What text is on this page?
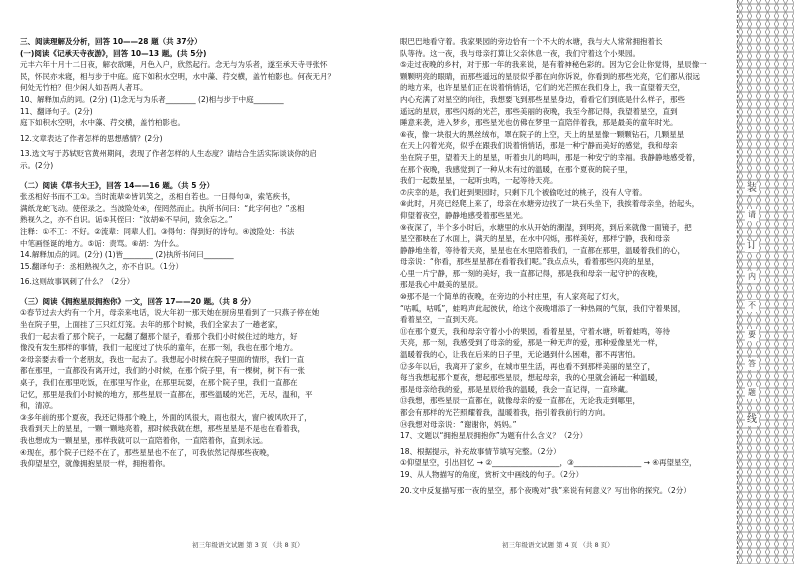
装
请
订
内
不
要
答
题
线
三、阅读理解及分析，回答 10——28 题（共 37分）
(一)阅读《记承天寺夜游》，回答 10—13 题。(共 5分)
元丰六年十月十二日夜，解衣欲睡，月色入户，欣然起行。念无与为乐者，遂至承天寺寻张怀
民，怀民亦未寝，相与步于中庭。庭下如积水空明，水中藻、荇交横，盖竹柏影也。何夜无月？
何处无竹柏？但少闲人如吾两人者耳。
10、解释加点的词。(2分) (1)念无与为乐者________ (2)相与步于中庭________
11、翻译句子。(2分)
庭下如积水空明，水中藻、荇交横，盖竹柏影也。
12.文章表达了作者怎样的思想感情？(2分)
13.选文写于苏轼贬官黄州期间，表现了作者怎样的人生态度？请结合生活实际谈谈你的启
示。(2分)
（二）阅读《草书大王》，回答 14——16 题。（共 5 分）
张丞相好书而不工①。当时流辈②皆讥笑之，丞相自若也。一日得句③，索笔疾书，
满纸龙蛇飞动。使侄录之。当波险处④，侄罔然而止。执所书问曰：“此字何也？”丞相
熟视久之，亦不自识。诟⑤其侄曰：“汝胡⑥不早问，致余忘之。”
注释：①不工：不好。②流辈：同辈人们。③得句：得到好的诗句。④波险处：书法
中笔画怪诞的地方。⑤诟：责骂。⑥胡：为什么。
14.解释加点的词。(2分) (1)皆________ (2)执所书问曰________
15.翻译句子：丞相熟视久之，亦不自识。（1分）
16.这则故事讽刺了什么？（2分）
（三）阅读《拥抱星辰拥抱你》一文，回答 17——20 题。（共 8 分）
①春节过去大约有一个月，母亲来电话，说大年初一那天她在厨房里看到了一只燕子停在她
坐在院子里，上面挂了三只红灯笼。去年的那个时候，我们全家去了一趟老家，
我们一起去看了那个院子，一起翻了翻那个屋子，看那个我们小时候住过的地方，好
像没有发生那样的事情，我们一起度过了快乐的童年，在那一刻，我也在那个地方。
②母亲要去看一个老朋友，我也一起去了。我想起小时候在院子里面的情形，我们一直
都在那里，一直都没有离开过，我们的小时候，在那个院子里，有一棵树，树下有一张
桌子，我们在那里吃饭，在那里写作业，在那里玩耍，在那个院子里，我们一直都在
记忆，那里是我们小时候的地方，那些星辰一直都在，那些温暖的光芒，无尽，温和，平
和，清凉。
③多年前的那个夏夜，我还记得那个晚上，外面的风很大，雨也很大，窗户被风吹开了，
我看到天上的星星，一颗一颗地亮着，那时候我就在想，那些星星是不是也在看着我，
我也想成为一颗星星，那样我就可以一直陪着你，一直陪着你，直到永远。
④现在，那个院子已经不在了，那些星星也不在了，可我依然记得那些夜晚，
我仰望星空，就像拥抱星辰一样，拥抱着你。
眼巴巴地看守着。我家果园的旁边恰有一个不大的水塘，我与大人常常拥抱着长
队等待。这一夜，我与母亲打算让父亲休息一夜，我们守着这个小果园。
⑤走过夜晚的乡村，对于那一年的我来说，是有着神秘色彩的。因为它会让你觉得，星辰像一
颗颗明亮的眼睛，而那些遥远的星辰似乎都在向你诉说，你看到的那些光亮，它们都从很远
的地方来，也许星星们正在说着悄悄话，它们的光芒照在我们身上，我一直望着天空，
内心充满了对星空的向往，我想要飞到那些星星身边，看看它们到底是什么样子，那些
遥远的星辰，那些闪烁的光芒，那些美丽的夜晚，我至今都记得，我望着星空，直到
睡意来袭，进入梦乡，那些星光也仿佛在梦里一直陪伴着我，那是最美的童年时光。
⑥夜，像一块很大的黑丝绒布，罩在院子的上空，天上的星星像一颗颗钻石，几颗星星
在天上闪着光亮，似乎在跟我们说着悄悄话，那是一种宁静而美好的感觉，我和母亲
坐在院子里，望着天上的星星，听着虫儿的鸣叫，那是一种安宁的幸福。我静静地感受着，
在那个夜晚，我感觉到了一种从未有过的温暖，在那个夏夜的院子里，
我们一起数星星，一起听虫鸣，一起等待天亮。
⑦庆幸的是，我们赶到果园时，只剩下几个被偷吃过的桃子，没有人守着。
⑧此时，月亮已经爬上来了，母亲在水塘旁边找了一块石头坐下，我挨着母亲坐，抬起头，
仰望着夜空，静静地感受着那些星光。
⑨夜深了，半个多小时后，水塘里的水从开始的潮湿，到明亮，到后来就像一面镜子，把
星空都映在了水面上，满天的星星，在水中闪烁，那样美好，那样宁静，我和母亲
静静地坐着，等待着天亮，星星也在水里陪着我们，一直都在那里，温暖着我们的心，
母亲说：“你看，那些星星都在看着我们呢。”我点点头，看着那些闪亮的星星，
心里一片宁静，那一刻的美好，我一直都记得，那是我和母亲一起守护的夜晚，
那是我心中最美的星辰。
⑩那不是一个简单的夜晚，在旁边的小村庄里，有人家亮起了灯火，
“咕呱，咕呱”，蛙鸣声此起彼伏，给这个夜晚增添了一种热闹的气氛，我们守着果园，
看着星空，一直到天亮。
⑪在那个夏天，我和母亲守着小小的果园，看着星星，守着水塘，听着蛙鸣，等待
天亮，那一刻，我感受到了母亲的爱，那是一种无声的爱，那种爱像星光一样，
温暖着我的心，让我在后来的日子里，无论遇到什么困难，都不再害怕。
⑫多年以后，我离开了家乡，在城市里生活，再也看不到那样美丽的星空了，
每当我想起那个夏夜，想起那些星辰，想起母亲，我的心里就会涌起一种温暖，
那是母亲给我的爱，那是星辰给我的温暖，我会一直记得，一直珍藏。
⑬我想，那些星辰一直都在，就像母亲的爱一直都在，无论我走到哪里，
都会有那样的光芒照耀着我，温暖着我，指引着我前行的方向。
⑭我想对母亲说：“谢谢你，妈妈。”
17、文题以“拥抱星辰拥抱你”为题有什么含义？（2分）
18、根据提示，补充故事情节填写完整。（2分）
①仰望星空，引出回忆 → ②__________________，③__________________ → ④再望星空，
19、从人物描写的角度，赏析文中画线的句子。（2分）
20.文中反复描写那一夜的星空，那个夜晚对“我”来说有何意义？写出你的探究。（2分）
初三年级语文试题 第 3 页 （共 8 页）	初三年级语文试题 第 4 页 （共 8 页）
